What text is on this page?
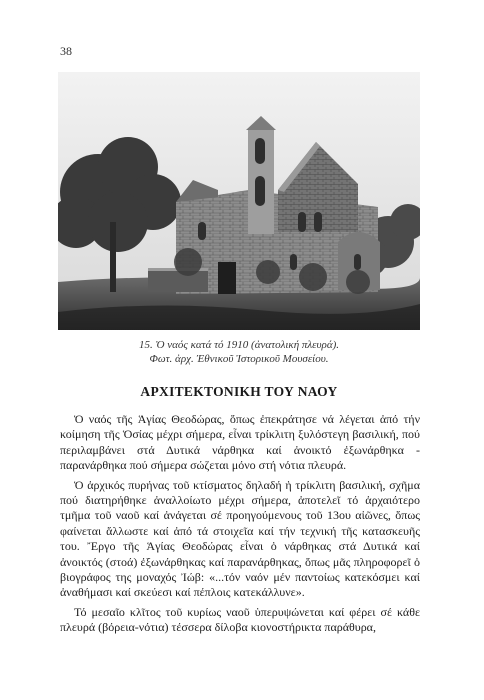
38
15. Ὁ ναός κατά τό 1910 (ἀνατολική πλευρά).
Φωτ. ἀρχ. Ἐθνικοῦ Ἱστορικοῦ Μουσείου.
ΑΡΧΙΤΕΚΤΟΝΙΚΗ ΤΟΥ ΝΑΟΥ

Ὁ ναός τῆς Ἁγίας Θεοδώρας, ὅπως ἐπεκράτησε νά λέγεται ἀπό τήν κοίμηση τῆς Ὁσίας μέχρι σήμερα, εἶναι τρίκλιτη ξυλόστεγη βασιλική, πού περιλαμβάνει στά Δυτικά νάρθηκα καί ἀνοικτό ἐξωνάρθηκα - παρανάρθηκα πού σήμερα σώζεται μόνο στή νότια πλευρά.

Ὁ ἀρχικός πυρήνας τοῦ κτίσματος δηλαδή ἡ τρίκλιτη βασιλική, σχῆμα πού διατηρήθηκε ἀναλλοίωτο μέχρι σήμερα, ἀποτελεῖ τό ἀρχαιότερο τμῆμα τοῦ ναοῦ καί ἀνάγεται σέ προηγούμενους τοῦ 13ου αἰῶνες, ὅπως φαίνεται ἄλλωστε καί ἀπό τά στοιχεῖα καί τήν τεχνική τῆς κατασκευῆς του. Ἔργο τῆς Ἁγίας Θεοδώρας εἶναι ὁ νάρθηκας στά Δυτικά καί ἀνοικτός (στοά) ἐξωνάρθηκας καί παρανάρθηκας, ὅπως μᾶς πληροφορεῖ ὁ βιογράφος της μοναχός Ἰώβ: «...τόν ναόν μέν παντοίως κατεκόσμει καί ἀναθήμασι καί σκεύεσι καί πέπλοις κατεκάλλυνε».

Τό μεσαῖο κλῖτος τοῦ κυρίως ναοῦ ὑπερυψώνεται καί φέρει σέ κάθε πλευρά (βόρεια-νότια) τέσσερα δίλοβα κιονοστήρικτα παράθυρα,
